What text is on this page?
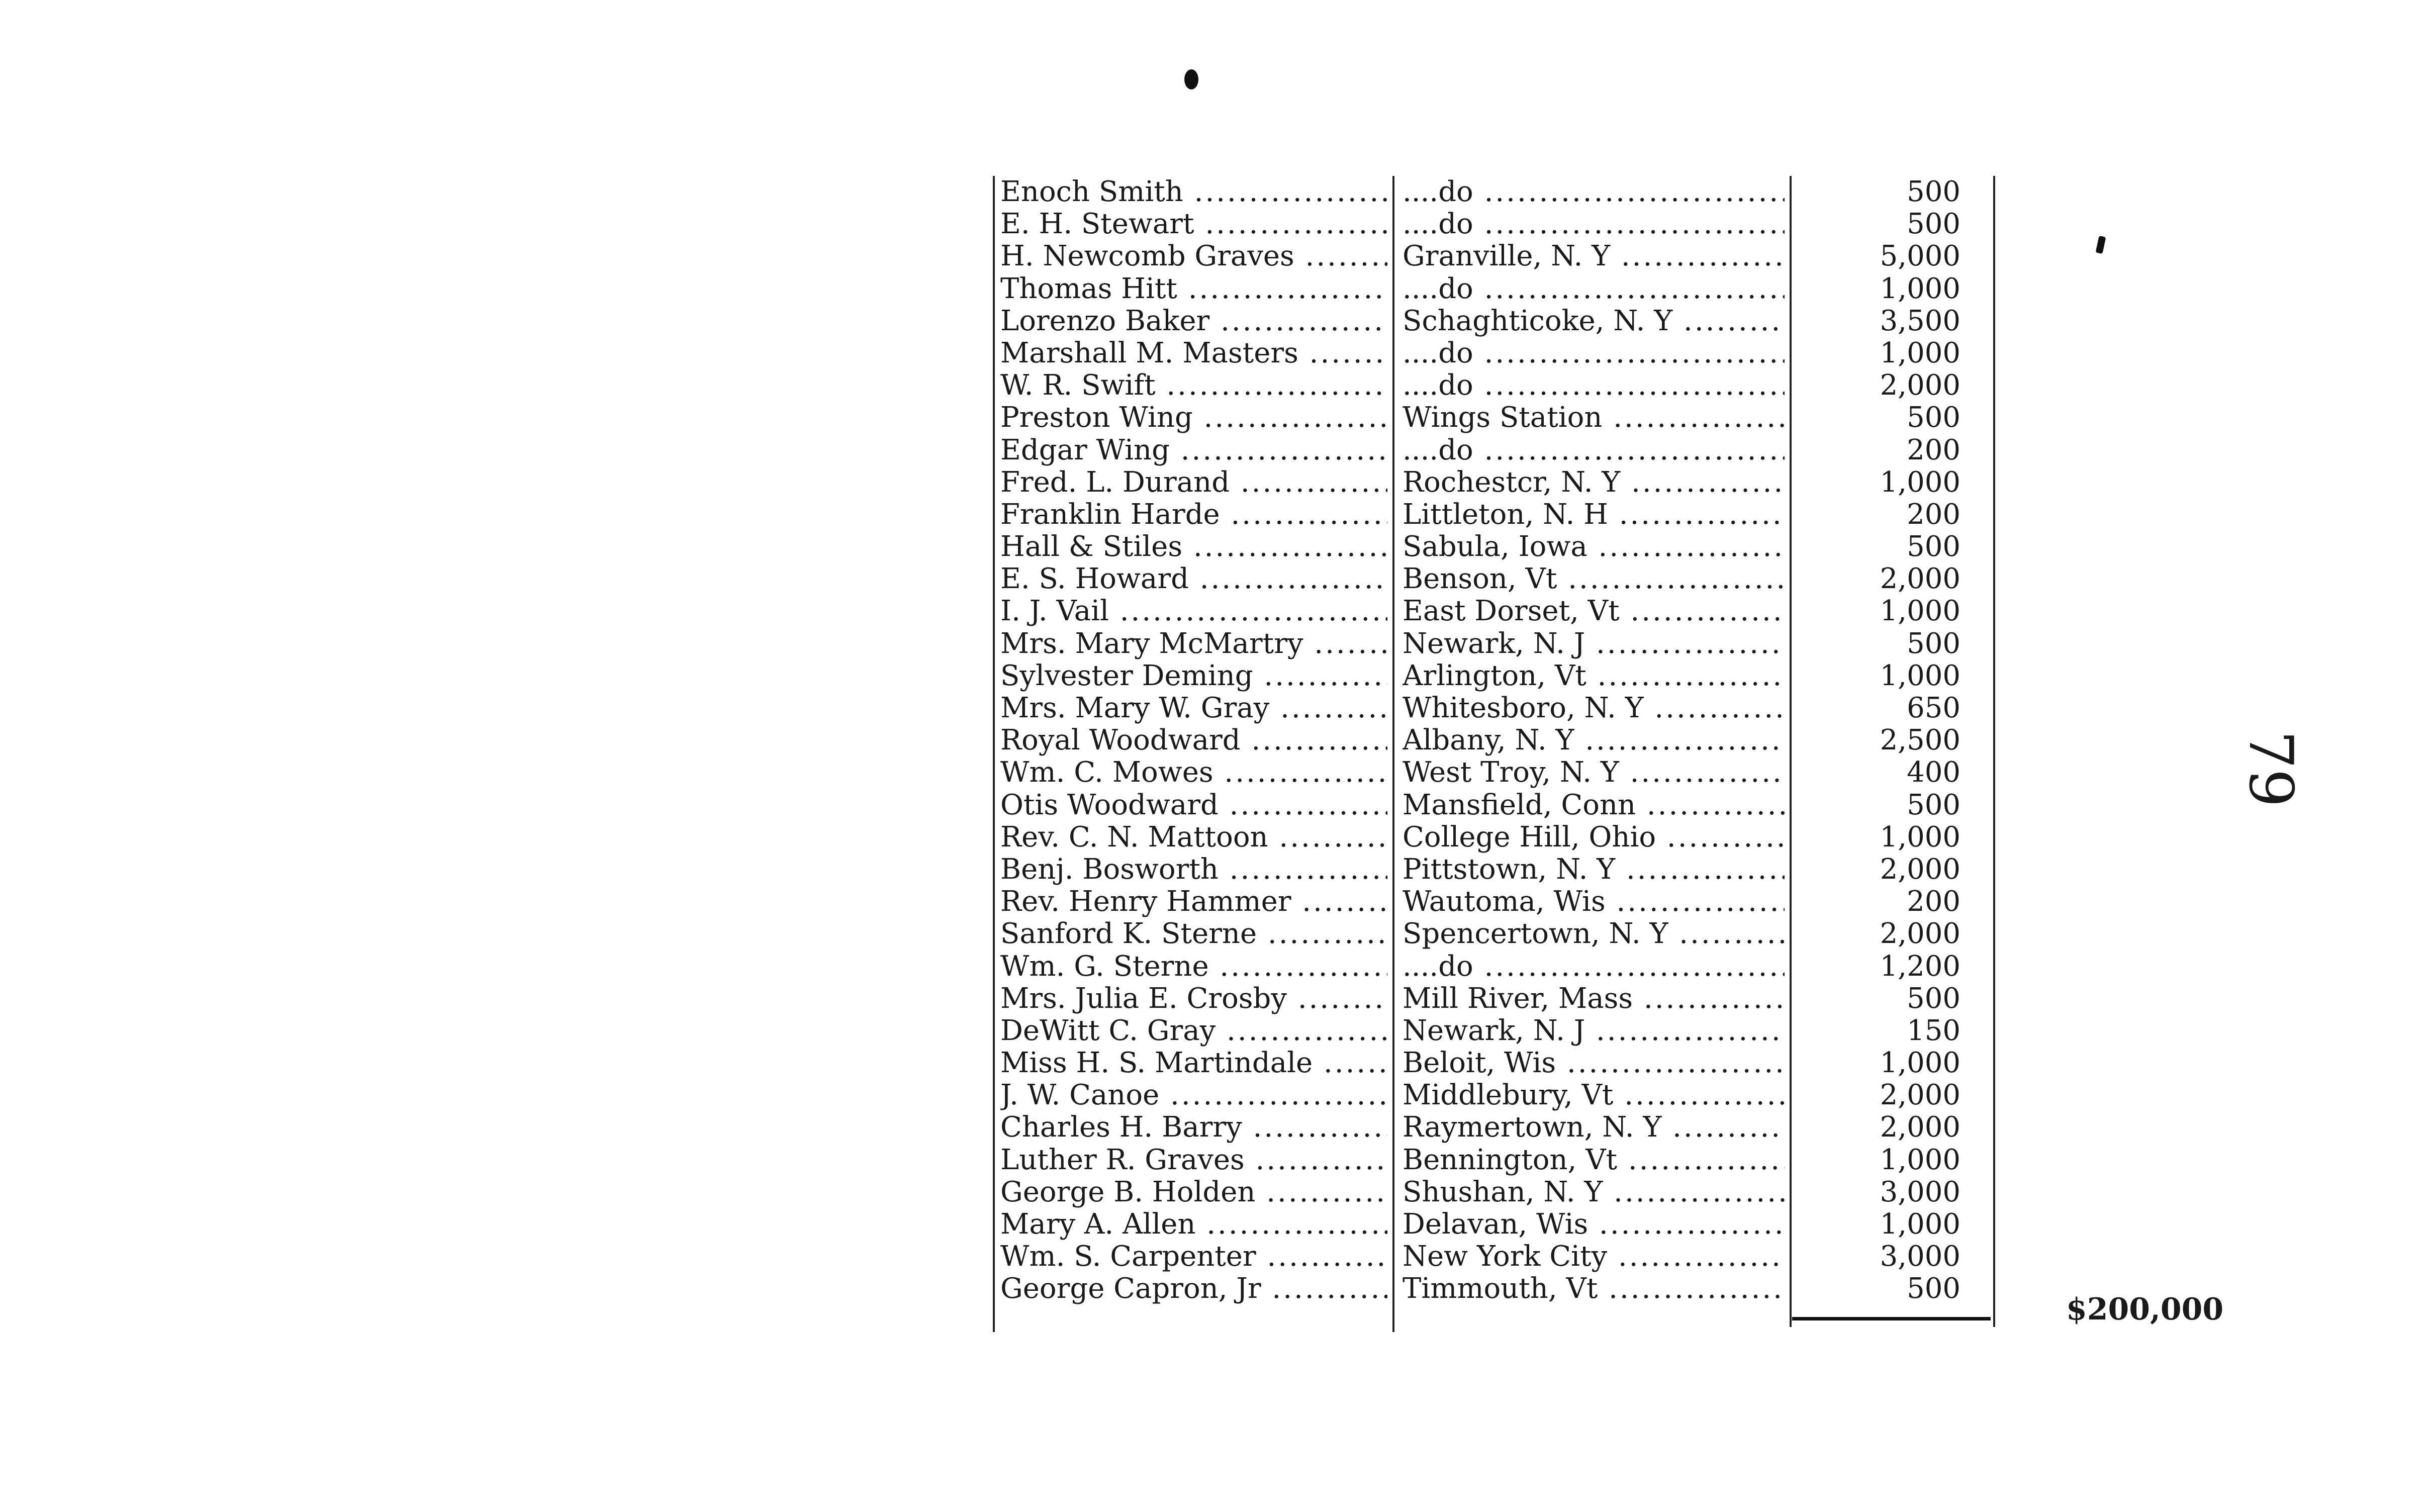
Enoch Smith .....	....do .....	500
E. H. Stewart .....	....do .....	500
H. Newcomb Graves .....	Granville, N. Y .....	5,000
Thomas Hitt .....	....do .....	1,000
Lorenzo Baker .....	Schaghticoke, N. Y .....	3,500
Marshall M. Masters .....	....do .....	1,000
W. R. Swift .....	....do .....	2,000
Preston Wing .....	Wings Station .....	500
Edgar Wing .....	....do .....	200
Fred. L. Durand .....	Rochestcr, N. Y .....	1,000
Franklin Harde .....	Littleton, N. H .....	200
Hall & Stiles .....	Sabula, Iowa .....	500
E. S. Howard .....	Benson, Vt .....	2,000
I. J. Vail .....	East Dorset, Vt .....	1,000
Mrs. Mary McMartry .....	Newark, N. J .....	500
Sylvester Deming .....	Arlington, Vt .....	1,000
Mrs. Mary W. Gray .....	Whitesboro, N. Y .....	650
Royal Woodward .....	Albany, N. Y .....	2,500
Wm. C. Mowes .....	West Troy, N. Y .....	400
Otis Woodward .....	Mansfield, Conn .....	500
Rev. C. N. Mattoon .....	College Hill, Ohio .....	1,000
Benj. Bosworth .....	Pittstown, N. Y .....	2,000
Rev. Henry Hammer .....	Wautoma, Wis .....	200
Sanford K. Sterne .....	Spencertown, N. Y .....	2,000
Wm. G. Sterne .....	....do .....	1,200
Mrs. Julia E. Crosby .....	Mill River, Mass .....	500
DeWitt C. Gray .....	Newark, N. J .....	150
Miss H. S. Martindale .....	Beloit, Wis .....	1,000
J. W. Canoe .....	Middlebury, Vt .....	2,000
Charles H. Barry .....	Raymertown, N. Y .....	2,000
Luther R. Graves .....	Bennington, Vt .....	1,000
George B. Holden .....	Shushan, N. Y .....	3,000
Mary A. Allen .....	Delavan, Wis .....	1,000
Wm. S. Carpenter .....	New York City .....	3,000
George Capron, Jr .....	Timmouth, Vt .....	500
$200,000
79
